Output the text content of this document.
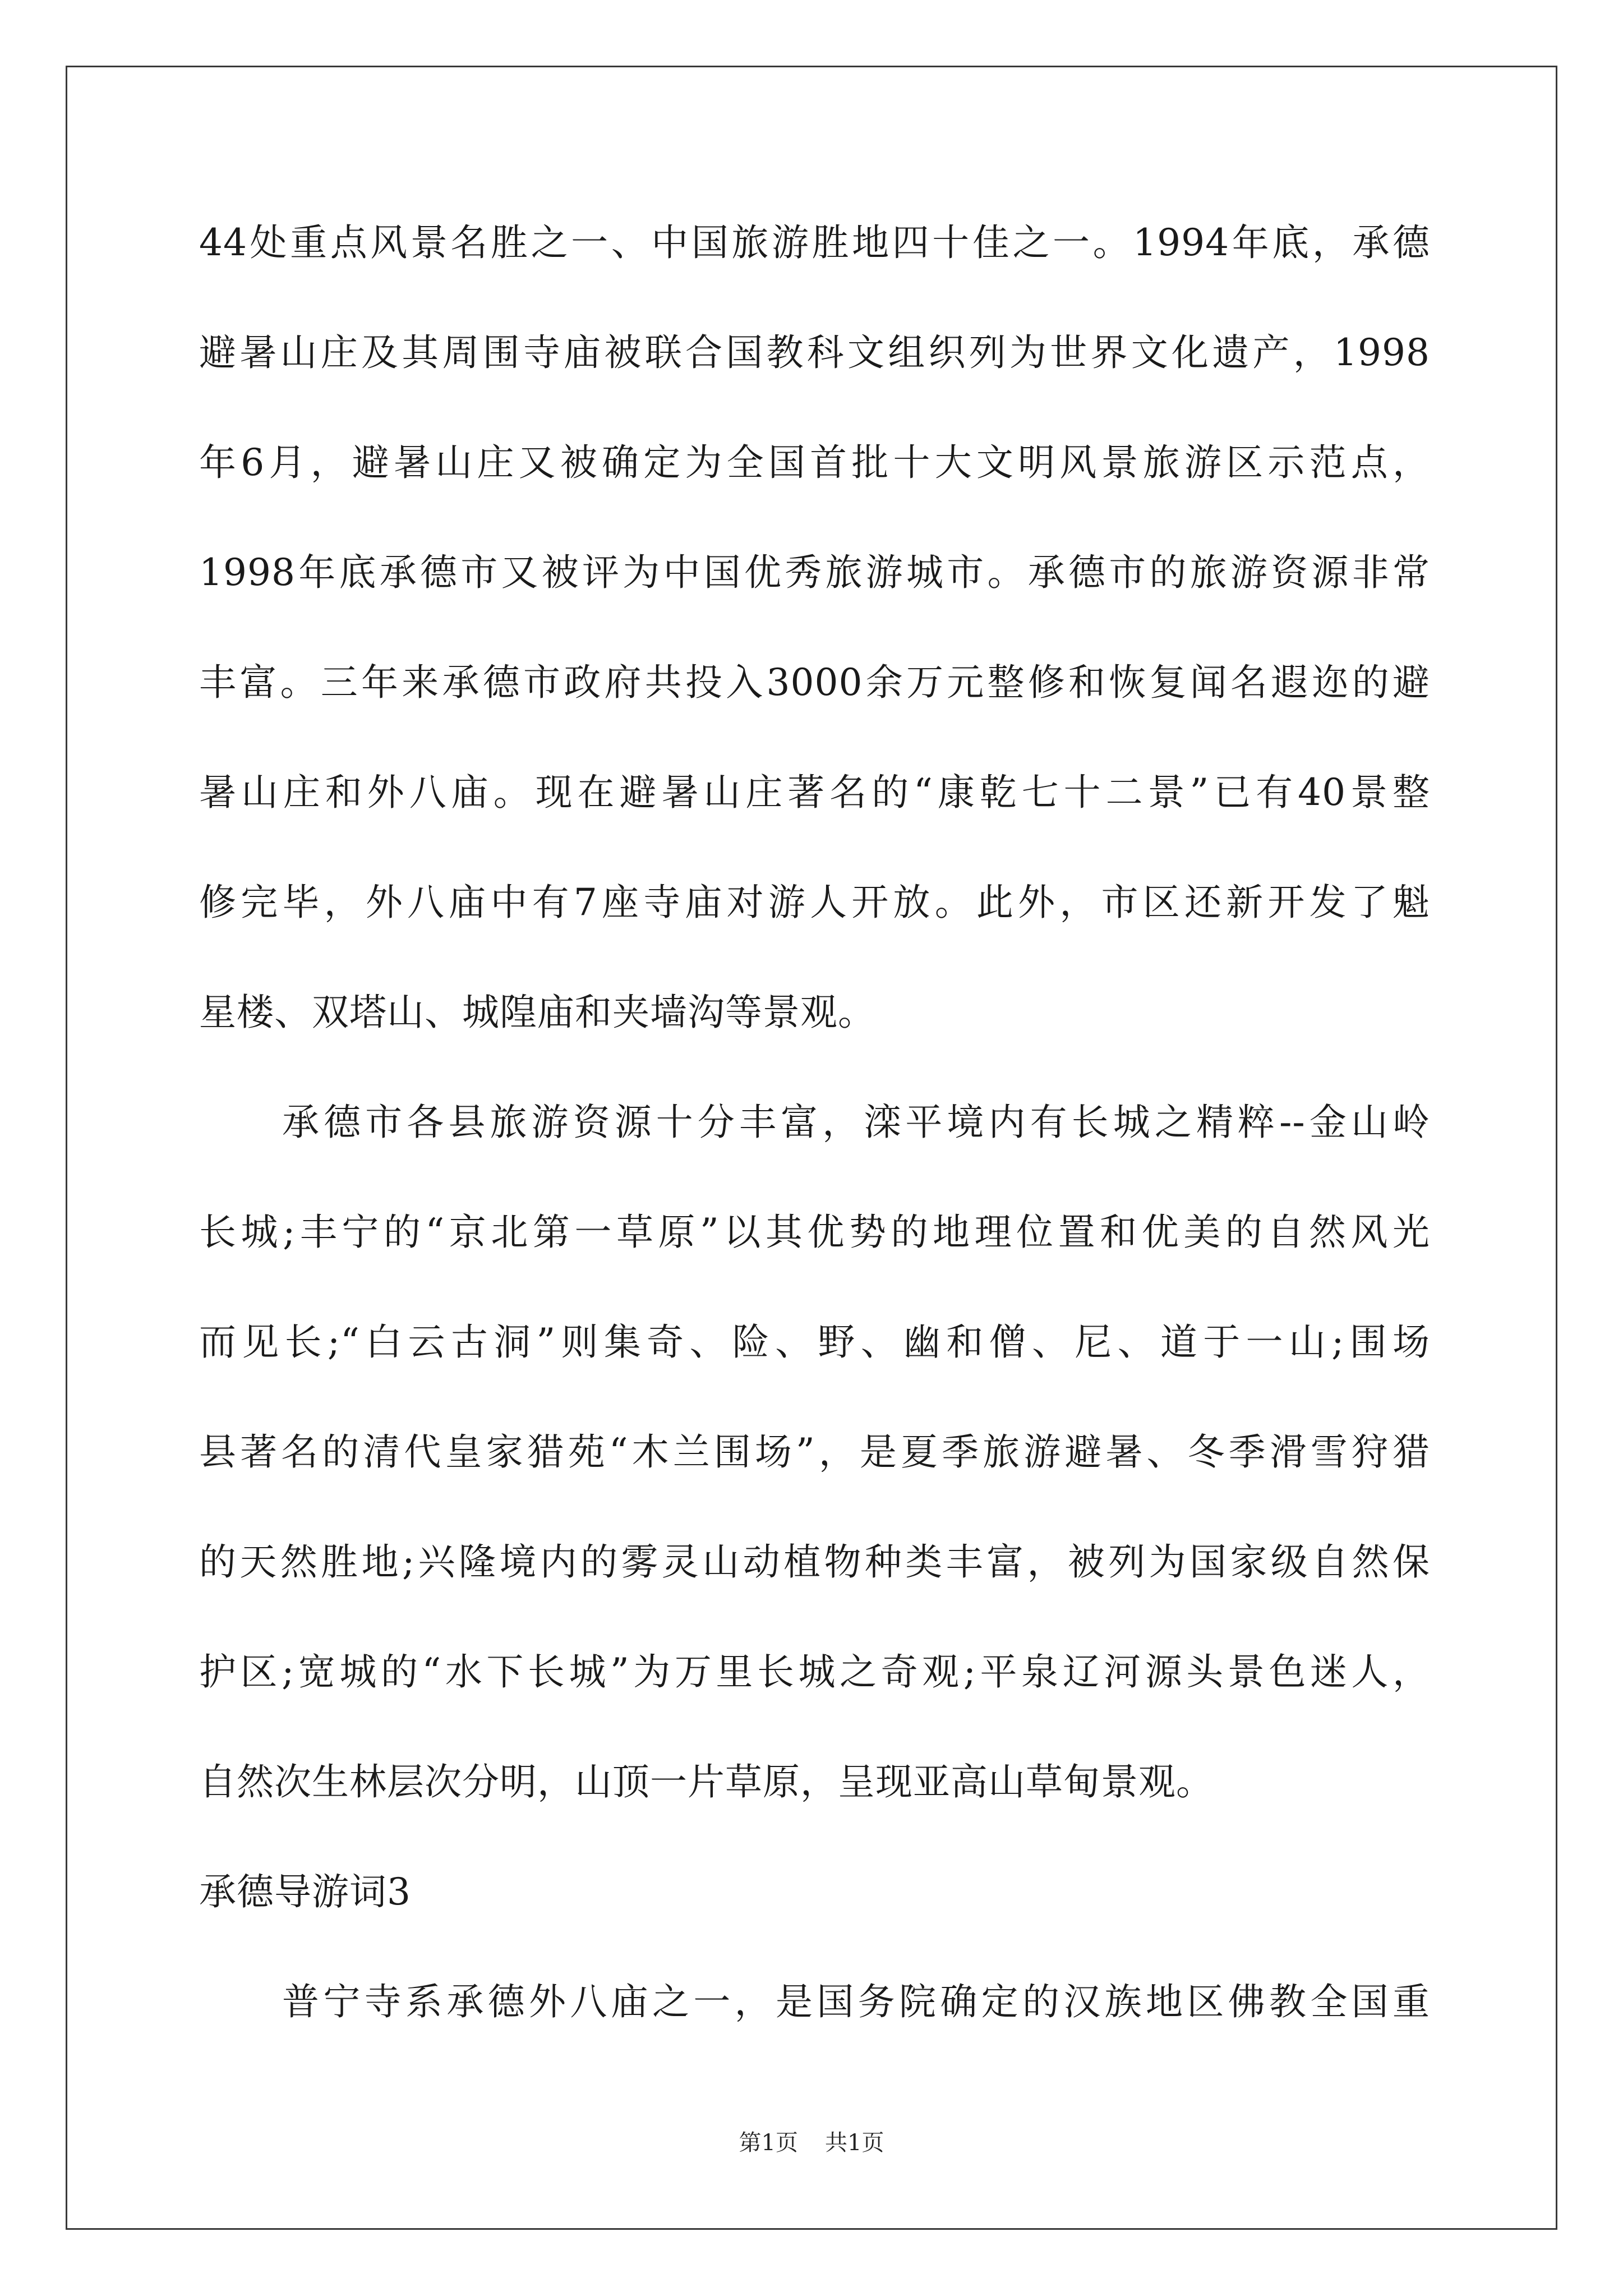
44处重点风景名胜之一、中国旅游胜地四十佳之一。1994年底，承德
避暑山庄及其周围寺庙被联合国教科文组织列为世界文化遗产，1998
年6月，避暑山庄又被确定为全国首批十大文明风景旅游区示范点，
1998年底承德市又被评为中国优秀旅游城市。承德市的旅游资源非常
丰富。三年来承德市政府共投入3000余万元整修和恢复闻名遐迩的避
暑山庄和外八庙。现在避暑山庄著名的“康乾七十二景”已有40景整
修完毕，外八庙中有7座寺庙对游人开放。此外，市区还新开发了魁
星楼、双塔山、城隍庙和夹墙沟等景观。
承德市各县旅游资源十分丰富，滦平境内有长城之精粹--金山岭
长城;丰宁的“京北第一草原”以其优势的地理位置和优美的自然风光
而见长;“白云古洞”则集奇、险、野、幽和僧、尼、道于一山;围场
县著名的清代皇家猎苑“木兰围场”，是夏季旅游避暑、冬季滑雪狩猎
的天然胜地;兴隆境内的雾灵山动植物种类丰富，被列为国家级自然保
护区;宽城的“水下长城”为万里长城之奇观;平泉辽河源头景色迷人，
自然次生林层次分明，山顶一片草原，呈现亚高山草甸景观。
承德导游词3
普宁寺系承德外八庙之一，是国务院确定的汉族地区佛教全国重
第1页 共1页
